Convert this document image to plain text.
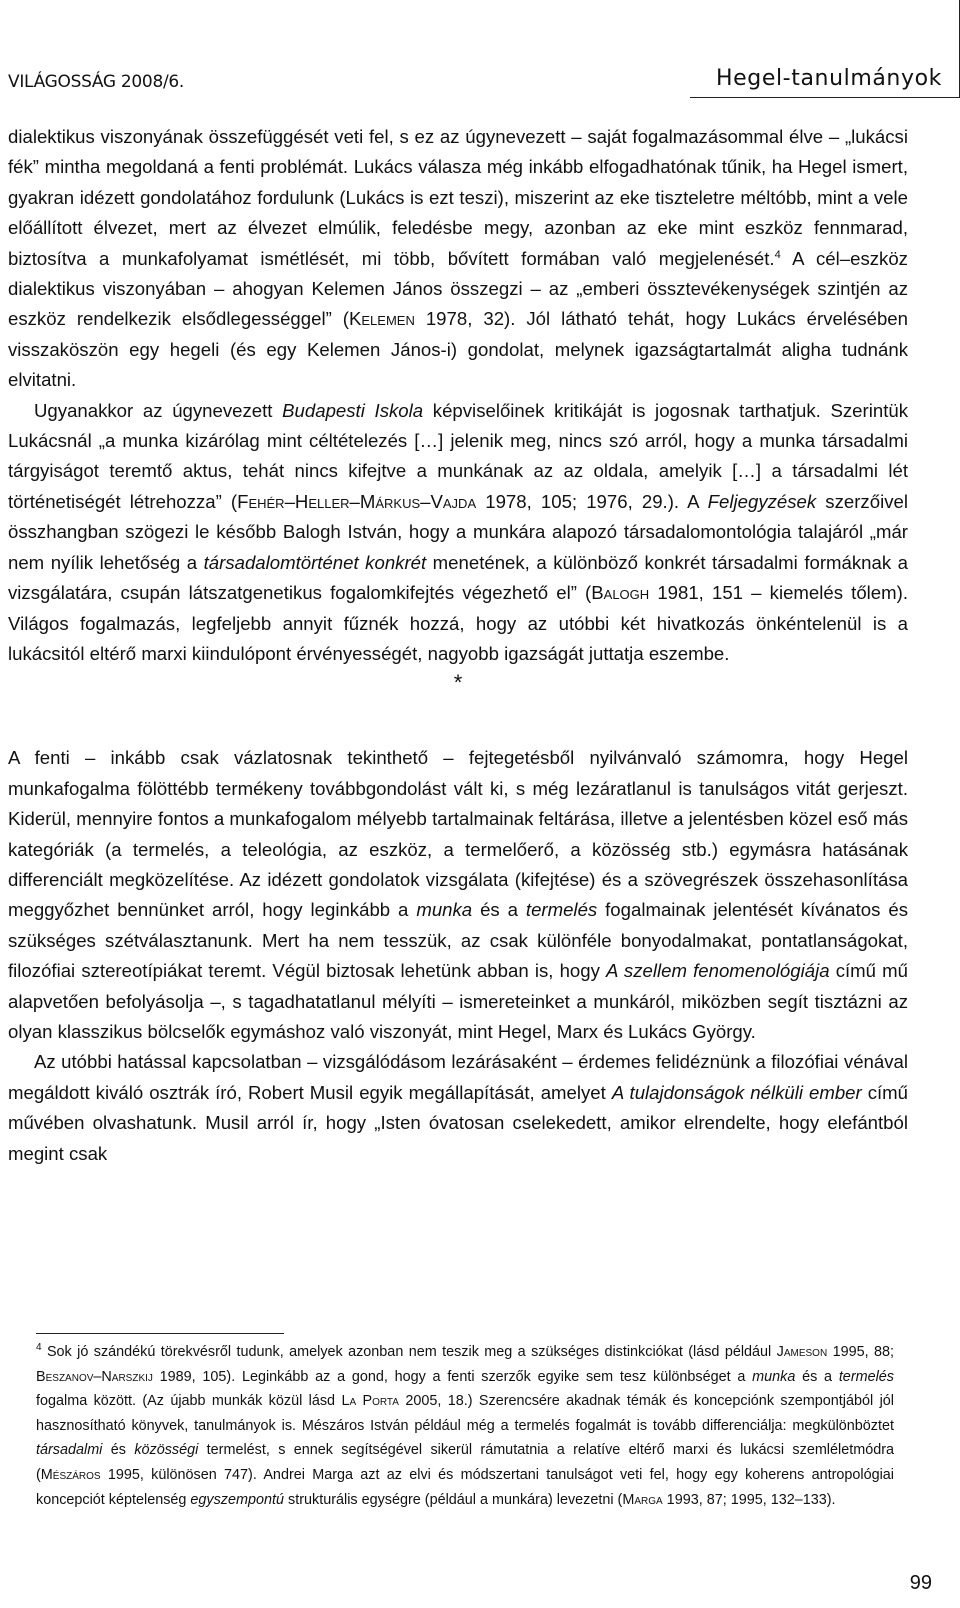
VILÁGOSSÁG 2008/6.	Hegel-tanulmányok

dialektikus viszonyának összefüggését veti fel, s ez az úgynevezett – saját fogalmazásommal élve – „lukácsi fék” mintha megoldaná a fenti problémát. Lukács válasza még inkább elfogadhatónak tűnik, ha Hegel ismert, gyakran idézett gondolatához fordulunk (Lukács is ezt teszi), miszerint az eke tiszteletre méltóbb, mint a vele előállított élvezet, mert az élvezet elmúlik, feledésbe megy, azonban az eke mint eszköz fennmarad, biztosítva a munkafolyamat ismétlését, mi több, bővített formában való megjelenését.$^4$ A cél–eszköz dialektikus viszonyában – ahogyan Kelemen János összegzi – az „emberi össztevékenységek szintjén az eszköz rendelkezik elsődlegességgel” (Kelemen 1978, 32). Jól látható tehát, hogy Lukács érvelésében visszaköszön egy hegeli (és egy Kelemen János-i) gondolat, melynek igazságtartalmát aligha tudnánk elvitatni.

Ugyanakkor az úgynevezett Budapesti Iskola képviselőinek kritikáját is jogosnak tarthatjuk. Szerintük Lukácsnál „a munka kizárólag mint céltételezés […] jelenik meg, nincs szó arról, hogy a munka társadalmi tárgyiságot teremtő aktus, tehát nincs kifejtve a munkának az az oldala, amelyik […] a társadalmi lét történetiségét létrehozza” (Fehér–Heller–Márkus–Vajda 1978, 105; 1976, 29.). A Feljegyzések szerzőivel összhangban szögezi le később Balogh István, hogy a munkára alapozó társadalomontológia talajáról „már nem nyílik lehetőség a társadalomtörténet konkrét menetének, a különböző konkrét társadalmi formáknak a vizsgálatára, csupán látszatgenetikus fogalomkifejtés végezhető el” (Balogh 1981, 151 – kiemelés tőlem). Világos fogalmazás, legfeljebb annyit fűznék hozzá, hogy az utóbbi két hivatkozás önkéntelenül is a lukácsitól eltérő marxi kiindulópont érvényességét, nagyobb igazságát juttatja eszembe.

*

A fenti – inkább csak vázlatosnak tekinthető – fejtegetésből nyilvánvaló számomra, hogy Hegel munkafogalma fölöttébb termékeny továbbgondolást vált ki, s még lezáratlanul is tanulságos vitát gerjeszt. Kiderül, mennyire fontos a munkafogalom mélyebb tartalmainak feltárása, illetve a jelentésben közel eső más kategóriák (a termelés, a teleológia, az eszköz, a termelőerő, a közösség stb.) egymásra hatásának differenciált megközelítése. Az idézett gondolatok vizsgálata (kifejtése) és a szövegrészek összehasonlítása meggyőzhet bennünket arról, hogy leginkább a munka és a termelés fogalmainak jelentését kívánatos és szükséges szétválasztanunk. Mert ha nem tesszük, az csak különféle bonyodalmakat, pontatlanságokat, filozófiai sztereotípiákat teremt. Végül biztosak lehetünk abban is, hogy A szellem fenomenológiája című mű alapvetően befolyásolja –, s tagadhatatlanul mélyíti – ismereteinket a munkáról, miközben segít tisztázni az olyan klasszikus bölcselők egymáshoz való viszonyát, mint Hegel, Marx és Lukács György.

Az utóbbi hatással kapcsolatban – vizsgálódásom lezárásaként – érdemes felidéznünk a filozófiai vénával megáldott kiváló osztrák író, Robert Musil egyik megállapítását, amelyet A tulajdonságok nélküli ember című művében olvashatunk. Musil arról ír, hogy „Isten óvatosan cselekedett, amikor elrendelte, hogy elefántból megint csak

$^4$ Sok jó szándékú törekvésről tudunk, amelyek azonban nem teszik meg a szükséges distinkciókat (lásd például Jameson 1995, 88; Beszanov–Narszkij 1989, 105). Leginkább az a gond, hogy a fenti szerzők egyike sem tesz különbséget a munka és a termelés fogalma között. (Az újabb munkák közül lásd La Porta 2005, 18.) Szerencsére akadnak témák és koncepciónk szempontjából jól hasznosítható könyvek, tanulmányok is. Mészáros István például még a termelés fogalmát is tovább differenciálja: megkülönböztet társadalmi és közösségi termelést, s ennek segítségével sikerül rámutatnia a relatíve eltérő marxi és lukácsi szemléletmódra (Mészáros 1995, különösen 747). Andrei Marga azt az elvi és módszertani tanulságot veti fel, hogy egy koherens antropológiai koncepciót képtelenség egyszempontú strukturális egységre (például a munkára) levezetni (Marga 1993, 87; 1995, 132–133).
99
